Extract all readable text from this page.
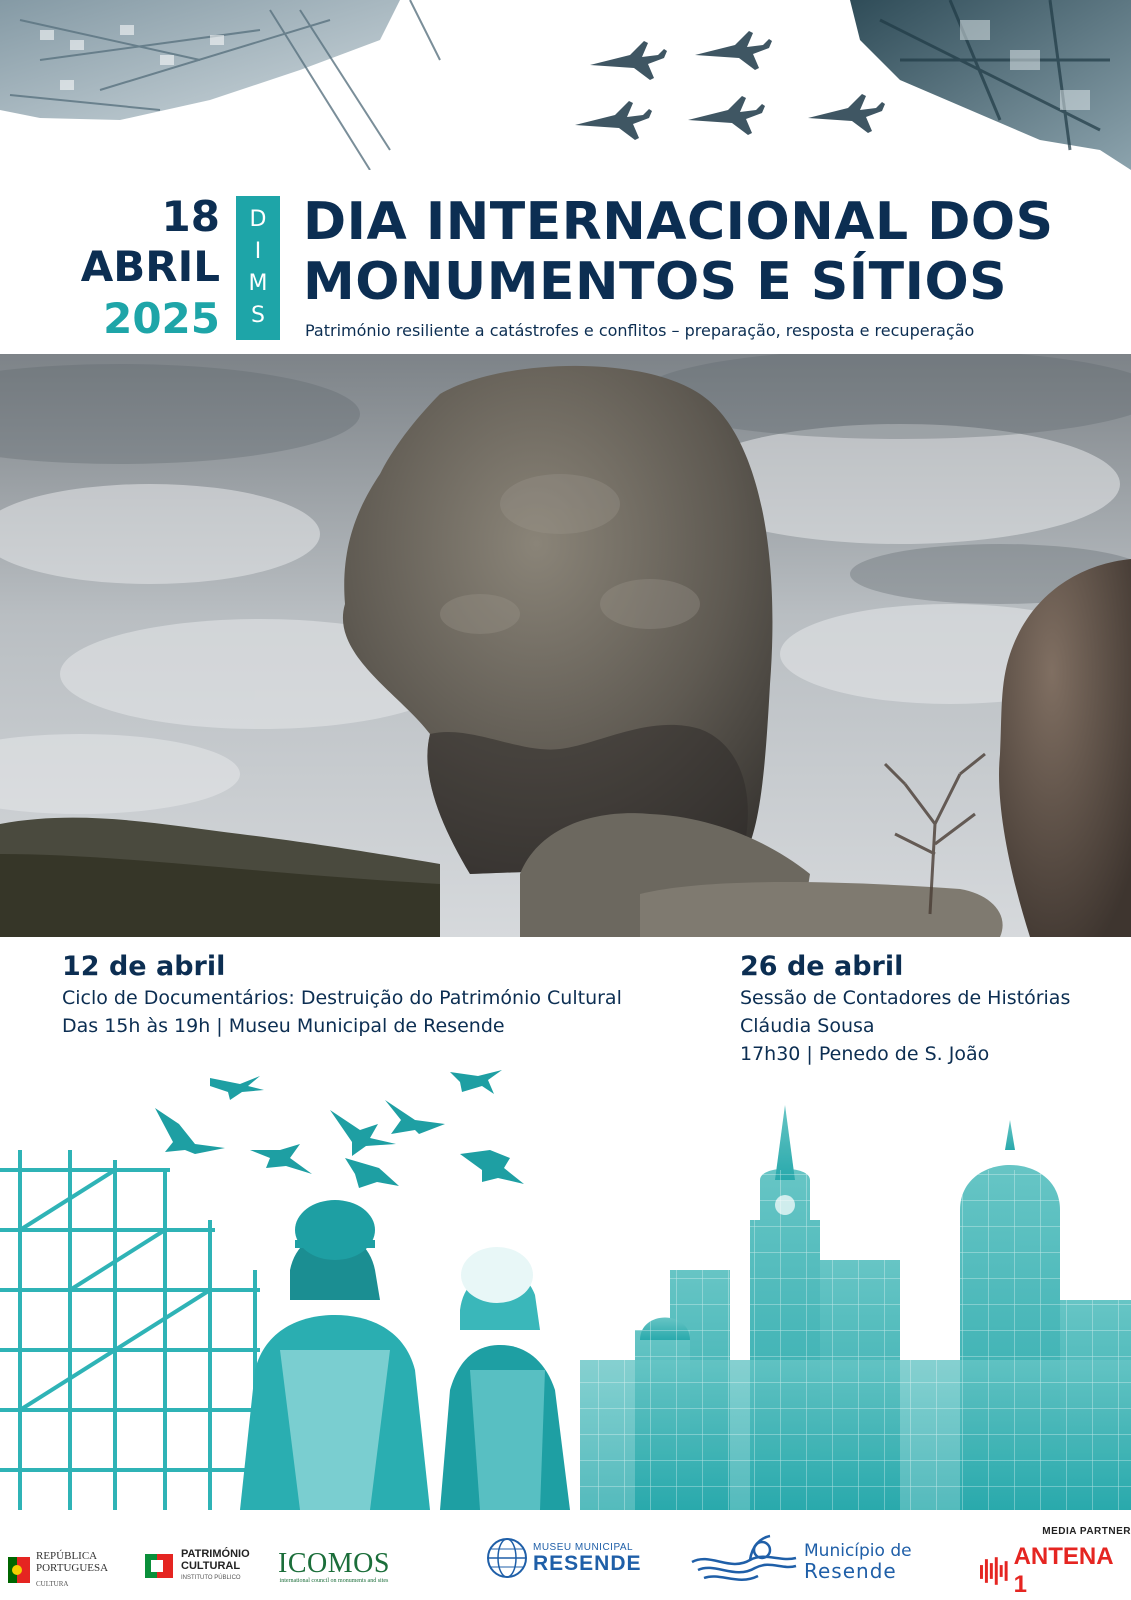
18
ABRIL
2025
D
I
M
S
DIA INTERNACIONAL DOS
MONUMENTOS E SÍTIOS
Património resiliente a catástrofes e conflitos – preparação, resposta e recuperação
12 de abril
Ciclo de Documentários: Destruição do Património Cultural
Das 15h às 19h | Museu Municipal de Resende
26 de abril
Sessão de Contadores de Histórias
Cláudia Sousa
17h30 | Penedo de S. João
REPÚBLICA
PORTUGUESA
CULTURA
PATRIMÓNIO
CULTURAL
INSTITUTO PÚBLICO	ICOMOS
international council on monuments and sites
MUSEU MUNICIPAL
RESENDE
Município de
Resende
MEDIA PARTNER
ANTENA 1
